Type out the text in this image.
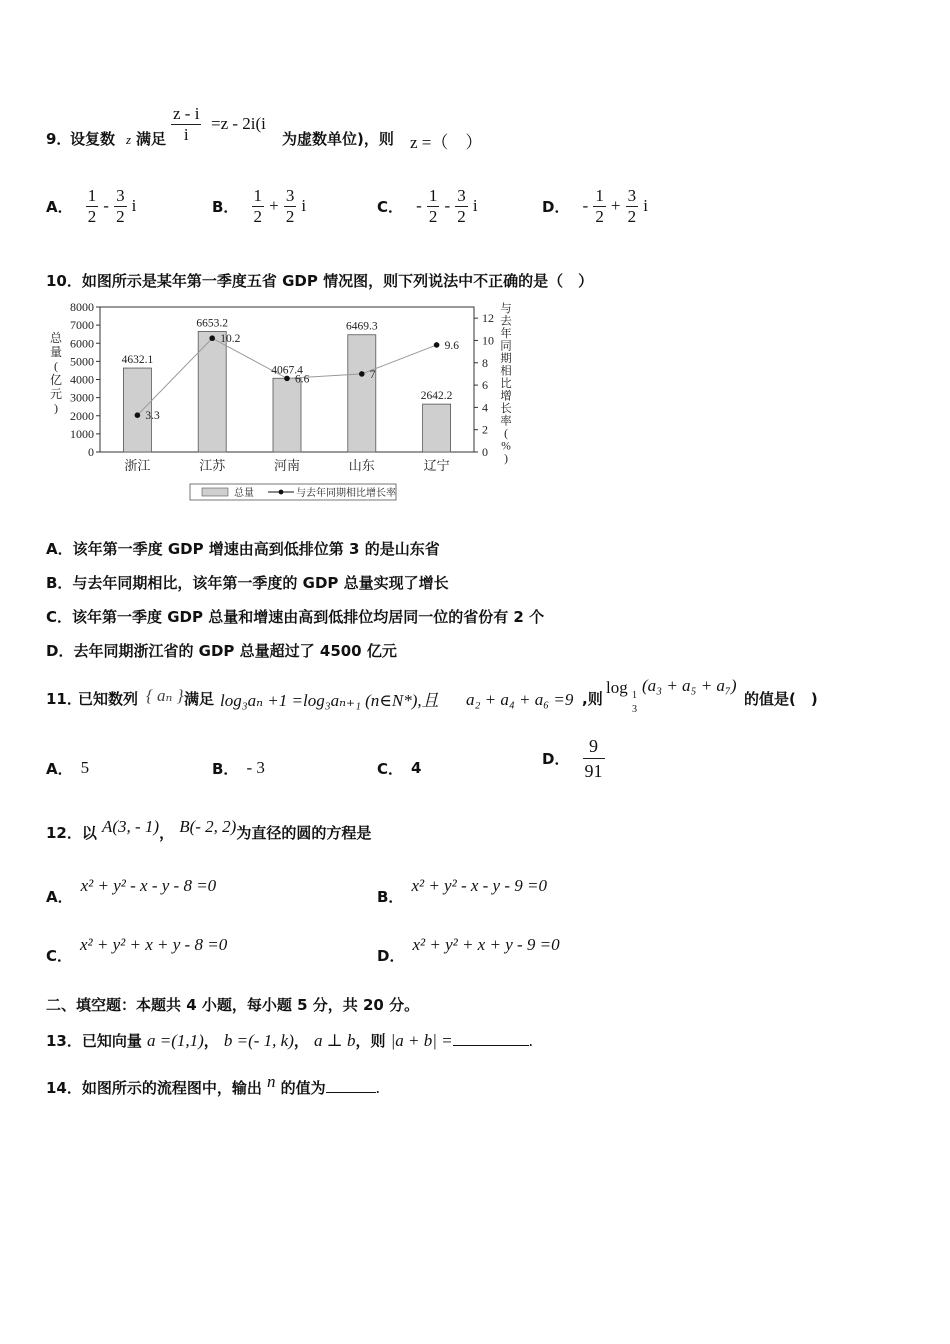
9．
设复数 z 满足 $\frac{z - i}{i} =z - 2i(i$
为虚数单位)，则 z =（　）
A． $\frac{1}{2} - \frac{3}{2}$ i	B． $\frac{1}{2} + \frac{3}{2}$ i	C． - $\frac{1}{2} - \frac{3}{2}$ i	D． - $\frac{1}{2} + \frac{3}{2}$ i
10．如图所示是某年第一季度五省 GDP 情况图，则下列说法中不正确的是（　）
0
1000
2000
3000
4000
5000
6000
7000
8000
0
2
4
6
8
10
12
总
量
(
亿
元
)
与
去
年
同
期
相
比
增
长
率
(
%
)
总量	与去年同期相比增长率
4632.1
浙江
6653.2
江苏
4067.4
河南
6469.3
山东
2642.2
辽宁
3.3
10.2
6.6	7
9.6
A．该年第一季度 GDP 增速由高到低排位第 3 的是山东省
B．与去年同期相比，该年第一季度的 GDP 总量实现了增长
C．该年第一季度 GDP 总量和增速由高到低排位均居同一位的省份有 2 个
D．去年同期浙江省的 GDP 总量超过了 4500 亿元
11．
已知数列 { aₙ } 满足 log₃aₙ +1 =log₃aₙ₊₁ (n∈N*),且 a₂ + a₄ + a₆ =9 ,则
log 1
3
(a₃ + a₅ + a₇)
的值是(　)
A． 5	B． - 3	C． 4	D． $\frac{9}{91}$
12．以 A(3, - 1)， B(- 2, 2)为直径的圆的方程是
A．x² + y² - x - y - 8 =0
B．x² + y² - x - y - 9 =0
C．x² + y² + x + y - 8 =0
D．x² + y² + x + y - 9 =0
二、填空题：本题共 4 小题，每小题 5 分，共 20 分。
13．已知向量 a =(1,1)， b =(- 1, k)， a ⊥ b，则 |a + b| =	.
14．如图所示的流程图中，输出 n 的值为	.
